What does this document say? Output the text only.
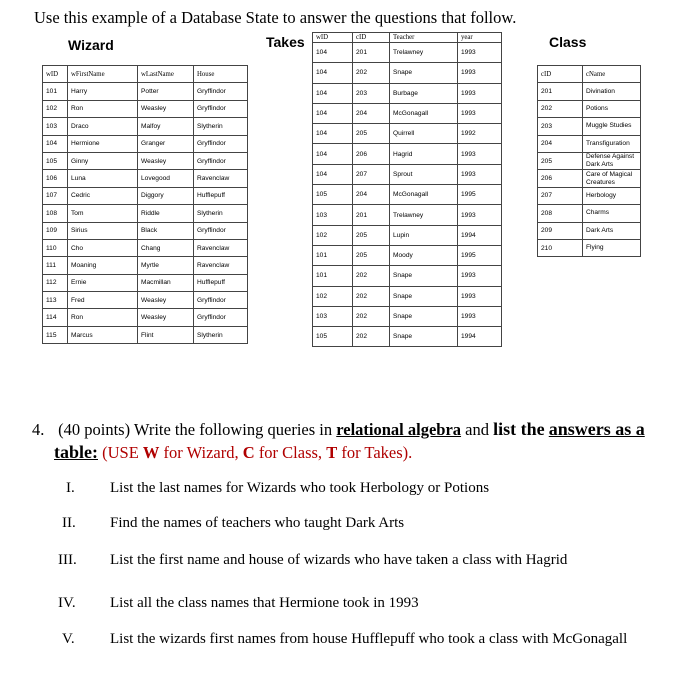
Use this example of a Database State to answer the questions that follow.
Wizard	Takes	Class
wID	wFirstName	wLastName	House
101	Harry	Potter	Gryffindor
102	Ron	Weasley	Gryffindor
103	Draco	Malfoy	Slytherin
104	Hermione	Granger	Gryffindor
105	Ginny	Weasley	Gryffindor
106	Luna	Lovegood	Ravenclaw
107	Cedric	Diggory	Hufflepuff
108	Tom	Riddle	Slytherin
109	Sirius	Black	Gryffindor
110	Cho	Chang	Ravenclaw
111	Moaning	Myrtle	Ravenclaw
112	Ernie	Macmillan	Hufflepuff
113	Fred	Weasley	Gryffindor
114	Ron	Weasley	Gryffindor
115	Marcus	Flint	Slytherin
wID	cID	Teacher	year
104	201	Trelawney	1993
104	202	Snape	1993
104	203	Burbage	1993
104	204	McGonagall	1993
104	205	Quirrell	1992
104	206	Hagrid	1993
104	207	Sprout	1993
105	204	McGonagall	1995
103	201	Trelawney	1993
102	205	Lupin	1994
101	205	Moody	1995
101	202	Snape	1993
102	202	Snape	1993
103	202	Snape	1993
105	202	Snape	1994
cID	cName
201	Divination
202	Potions
203	Muggle Studies
204	Transfiguration
205	Defense Against Dark Arts
206	Care of Magical Creatures
207	Herbology
208	Charms
209	Dark Arts
210	Flying
4. (40 points) Write the following queries in relational algebra and list the answers as a
table: (USE W for Wizard, C for Class, T for Takes).
I. List the last names for Wizards who took Herbology or Potions
II. Find the names of teachers who taught Dark Arts
III. List the first name and house of wizards who have taken a class with Hagrid
IV. List all the class names that Hermione took in 1993
V. List the wizards first names from house Hufflepuff who took a class with McGonagall
